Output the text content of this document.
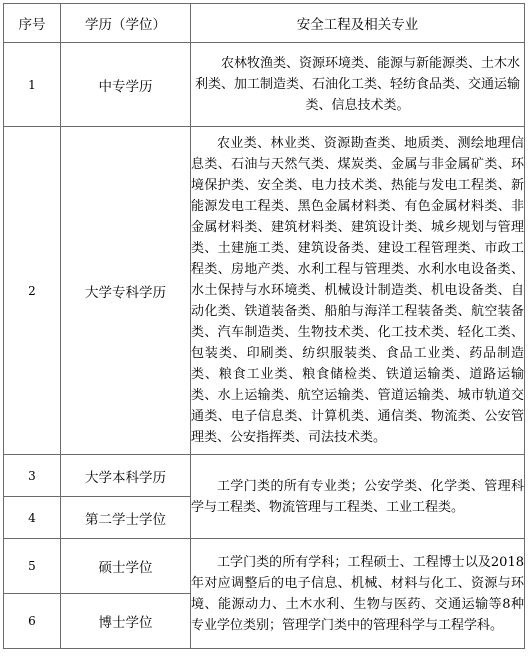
序号	学历（学位）	安全工程及相关专业
1	中专学历	农林牧渔类、资源环境类、能源与新能源类、土木水利类、加工制造类、石油化工类、轻纺食品类、交通运输类、信息技术类。

2	大学专科学历	农业类、林业类、资源勘查类、地质类、测绘地理信息类、石油与天然气类、煤炭类、金属与非金属矿类、环境保护类、安全类、电力技术类、热能与发电工程类、新能源发电工程类、黑色金属材料类、有色金属材料类、非金属材料类、建筑材料类、建筑设计类、城乡规划与管理类、土建施工类、建筑设备类、建设工程管理类、市政工程类、房地产类、水利工程与管理类、水利水电设备类、水土保持与水环境类、机械设计制造类、机电设备类、自动化类、铁道装备类、船舶与海洋工程装备类、航空装备类、汽车制造类、生物技术类、化工技术类、轻化工类、包装类、印刷类、纺织服装类、食品工业类、药品制造类、粮食工业类、粮食储检类、铁道运输类、道路运输类、水上运输类、航空运输类、管道运输类、城市轨道交通类、电子信息类、计算机类、通信类、物流类、公安管理类、公安指挥类、司法技术类。

3	大学本科学历	工学门类的所有专业类；公安学类、化学类、管理科学与工程类、物流管理与工程类、工业工程类。

4	第二学士学位	
5	硕士学位	工学门类的所有学科；工程硕士、工程博士以及2018年对应调整后的电子信息、机械、材料与化工、资源与环境、能源动力、土木水利、生物与医药、交通运输等8种专业学位类别；管理学门类中的管理科学与工程学科。

6	博士学位	
